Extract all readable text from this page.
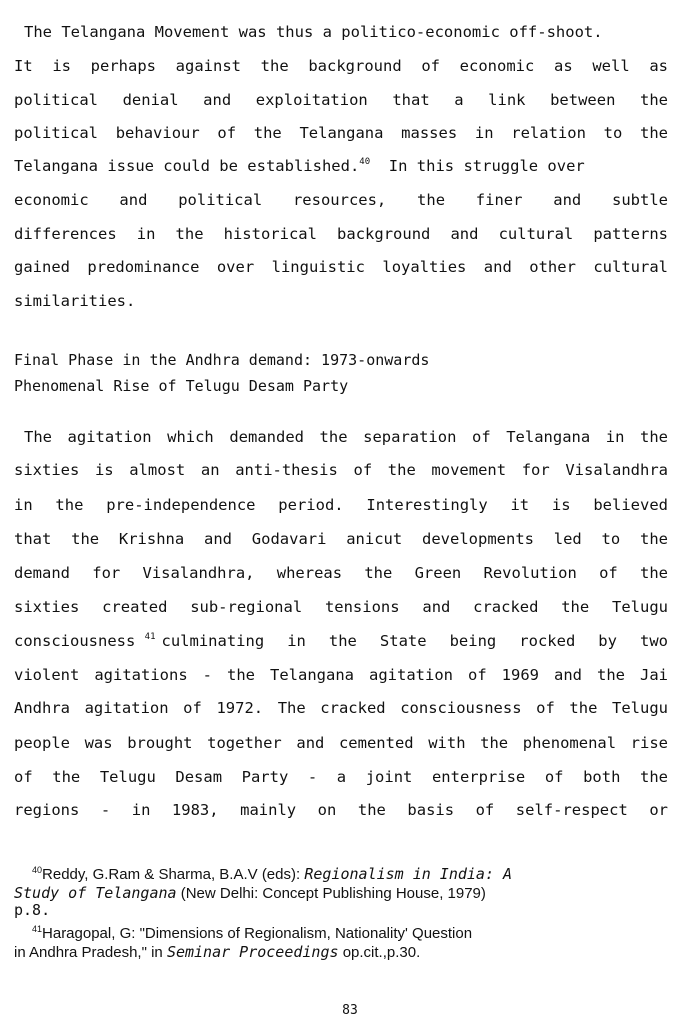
The Telangana Movement was thus a politico-economic off-shoot.
It is perhaps against the background of economic as well as
political denial and exploitation that a link between the
political behaviour of the Telangana masses in relation to the
Telangana issue could be established.$^{40}$ In this struggle over
economic and political resources, the finer and subtle
differences in the historical background and cultural patterns
gained predominance over linguistic loyalties and other cultural
similarities.
Final Phase in the Andhra demand: 1973-onwards
Phenomenal Rise of Telugu Desam Party
The agitation which demanded the separation of Telangana in the
sixties is almost an anti-thesis of the movement for Visalandhra
in the pre-independence period. Interestingly it is believed
that the Krishna and Godavari anicut developments led to the
demand for Visalandhra, whereas the Green Revolution of the
sixties created sub-regional tensions and cracked the Telugu
consciousness $^{41}$ culminating in the State being rocked by two
violent agitations - the Telangana agitation of 1969 and the Jai
Andhra agitation of 1972. The cracked consciousness of the Telugu
people was brought together and cemented with the phenomenal rise
of the Telugu Desam Party - a joint enterprise of both the
regions - in 1983, mainly on the basis of self-respect or
$^{40}$Reddy, G.Ram & Sharma, B.A.V (eds): Regionalism in India: A
Study of Telangana (New Delhi: Concept Publishing House, 1979)
p.8.
$^{41}$Haragopal, G: "Dimensions of Regionalism, Nationality' Question
in Andhra Pradesh," in Seminar Proceedings op.cit.,p.30.
83
